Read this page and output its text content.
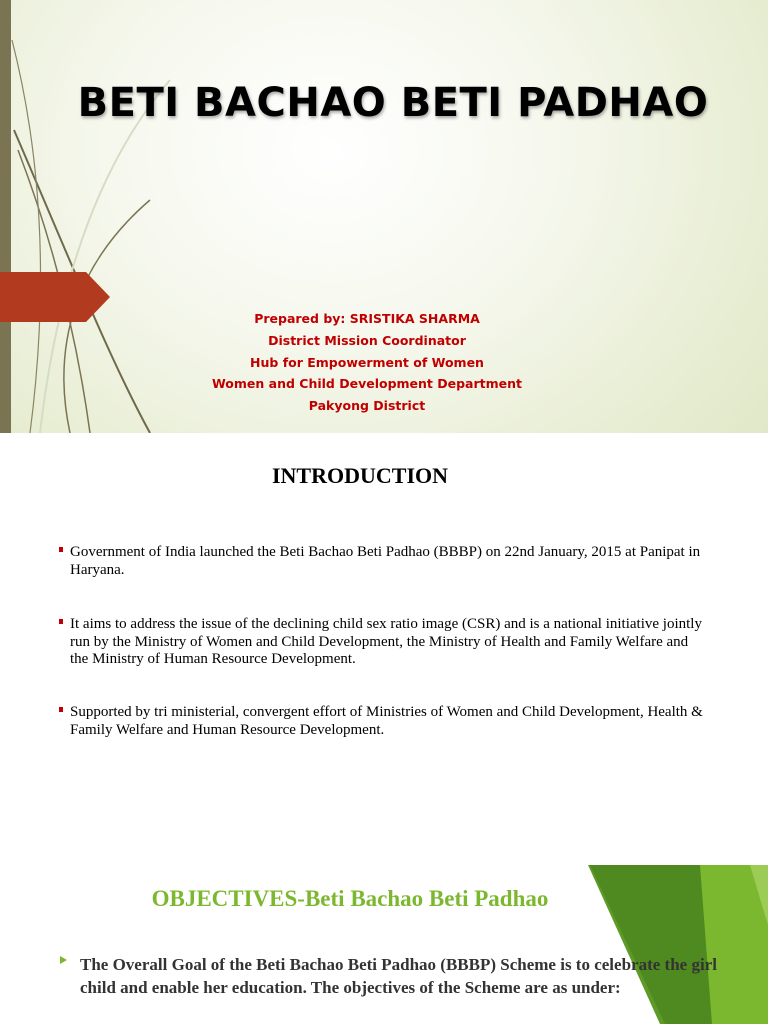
BETI BACHAO BETI PADHAO
Prepared by: SRISTIKA SHARMA
District Mission Coordinator
Hub for Empowerment of Women
Women and Child Development Department
Pakyong District
INTRODUCTION
Government of India launched the Beti Bachao Beti Padhao (BBBP) on 22nd January, 2015 at Panipat in Haryana.
It aims to address the issue of the declining child sex ratio image (CSR) and is a national initiative jointly run by the Ministry of Women and Child Development, the Ministry of Health and Family Welfare and the Ministry of Human Resource Development.
Supported by tri ministerial, convergent effort of Ministries of Women and Child Development, Health & Family Welfare and Human Resource Development.
OBJECTIVES-Beti Bachao Beti Padhao
The Overall Goal of the Beti Bachao Beti Padhao (BBBP) Scheme is to celebrate the girl child and enable her education. The objectives of the Scheme are as under:
